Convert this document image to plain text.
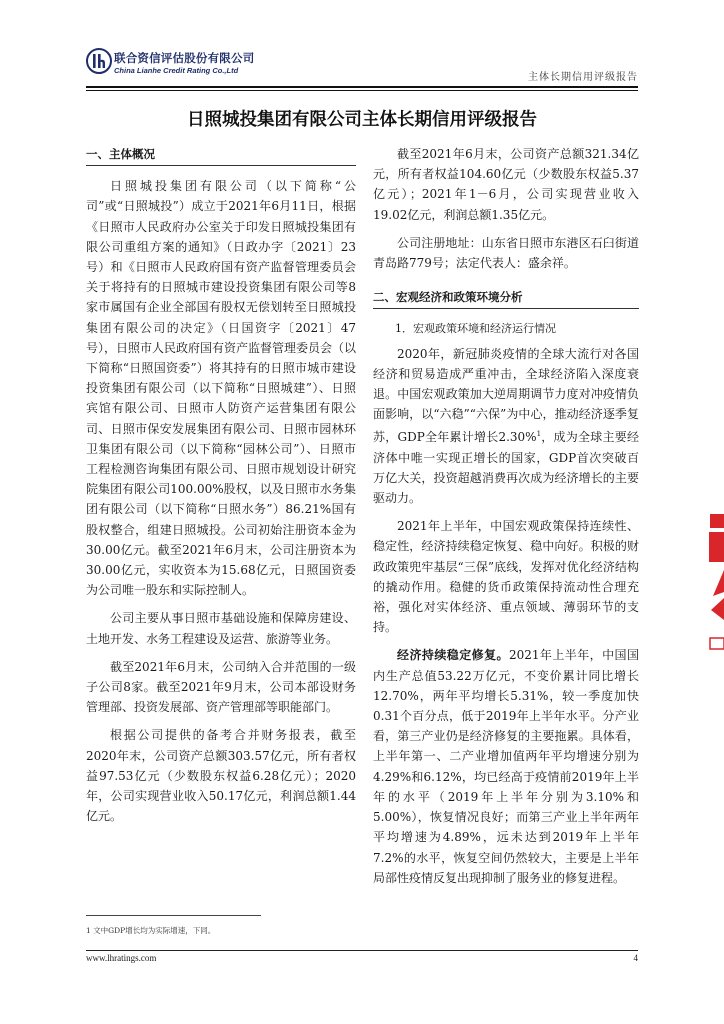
联合资信评估股份有限公司
China Lianhe Credit Rating Co.,Ltd
主体长期信用评级报告
日照城投集团有限公司主体长期信用评级报告
一、主体概况

日照城投集团有限公司（以下简称“公司”或“日照城投”）成立于2021年6月11日，根据《日照市人民政府办公室关于印发日照城投集团有限公司重组方案的通知》（日政办字〔2021〕23号）和《日照市人民政府国有资产监督管理委员会关于将持有的日照城市建设投资集团有限公司等8家市属国有企业全部国有股权无偿划转至日照城投集团有限公司的决定》（日国资字〔2021〕47号），日照市人民政府国有资产监督管理委员会（以下简称“日照国资委”）将其持有的日照市城市建设投资集团有限公司（以下简称“日照城建”）、日照宾馆有限公司、日照市人防资产运营集团有限公司、日照市保安发展集团有限公司、日照市园林环卫集团有限公司（以下简称“园林公司”）、日照市工程检测咨询集团有限公司、日照市规划设计研究院集团有限公司100.00%股权，以及日照市水务集团有限公司（以下简称“日照水务”）86.21%国有股权整合，组建日照城投。公司初始注册资本金为30.00亿元。截至2021年6月末，公司注册资本为30.00亿元，实收资本为15.68亿元，日照国资委为公司唯一股东和实际控制人。

公司主要从事日照市基础设施和保障房建设、土地开发、水务工程建设及运营、旅游等业务。

截至2021年6月末，公司纳入合并范围的一级子公司8家。截至2021年9月末，公司本部设财务管理部、投资发展部、资产管理部等职能部门。

根据公司提供的备考合并财务报表，截至2020年末，公司资产总额303.57亿元，所有者权益97.53亿元（少数股东权益6.28亿元）；2020年，公司实现营业收入50.17亿元，利润总额1.44亿元。

截至2021年6月末，公司资产总额321.34亿元，所有者权益104.60亿元（少数股东权益5.37亿元）；2021年1－6月，公司实现营业收入19.02亿元，利润总额1.35亿元。

公司注册地址：山东省日照市东港区石臼街道青岛路779号；法定代表人：盛余祥。

二、宏观经济和政策环境分析
1．宏观政策环境和经济运行情况

2020年，新冠肺炎疫情的全球大流行对各国经济和贸易造成严重冲击，全球经济陷入深度衰退。中国宏观政策加大逆周期调节力度对冲疫情负面影响，以“六稳”“六保”为中心，推动经济逐季复苏，GDP全年累计增长2.30%$^1$，成为全球主要经济体中唯一实现正增长的国家，GDP首次突破百万亿大关，投资超越消费再次成为经济增长的主要驱动力。

2021年上半年，中国宏观政策保持连续性、稳定性，经济持续稳定恢复、稳中向好。积极的财政政策兜牢基层“三保”底线，发挥对优化经济结构的撬动作用。稳健的货币政策保持流动性合理充裕，强化对实体经济、重点领域、薄弱环节的支持。

经济持续稳定修复。2021年上半年，中国国内生产总值53.22万亿元，不变价累计同比增长12.70%，两年平均增长5.31%，较一季度加快0.31个百分点，低于2019年上半年水平。分产业看，第三产业仍是经济修复的主要拖累。具体看，上半年第一、二产业增加值两年平均增速分别为4.29%和6.12%，均已经高于疫情前2019年上半年的水平（2019年上半年分别为3.10%和5.00%），恢复情况良好；而第三产业上半年两年平均增速为4.89%，远未达到2019年上半年7.2%的水平，恢复空间仍然较大，主要是上半年局部性疫情反复出现抑制了服务业的修复进程。

1 文中GDP增长均为实际增速，下同。
www.lhratings.com	4
